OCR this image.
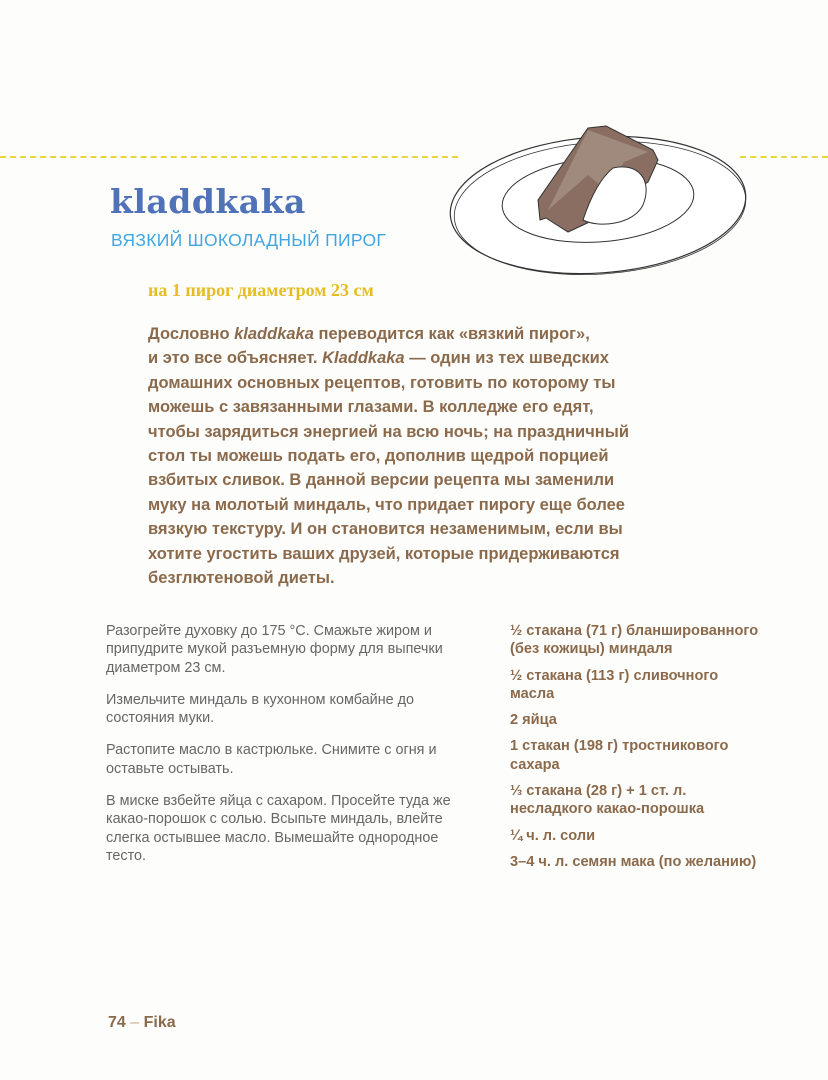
kladdkaka
ВЯЗКИЙ ШОКОЛАДНЫЙ ПИРОГ
на 1 пирог диаметром 23 см

Дословно kladdkaka переводится как «вязкий пирог»,

и это все объясняет. Kladdkaka — один из тех шведских

домашних основных рецептов, готовить по которому ты

можешь с завязанными глазами. В колледже его едят,

чтобы зарядиться энергией на всю ночь; на праздничный

стол ты можешь подать его, дополнив щедрой порцией

взбитых сливок. В данной версии рецепта мы заменили

муку на молотый миндаль, что придает пирогу еще более

вязкую текстуру. И он становится незаменимым, если вы

хотите угостить ваших друзей, которые придерживаются

безглютеновой диеты.

Разогрейте духовку до 175 °С. Смажьте жиром и припудрите мукой разъемную форму для выпечки диаметром 23 см.

Измельчите миндаль в кухонном комбайне до состояния муки.

Растопите масло в кастрюльке. Снимите с огня и оставьте остывать.

В миске взбейте яйца с сахаром. Просейте туда же какао-порошок с солью. Всыпьте миндаль, влейте слегка остывшее масло. Вымешайте однородное тесто.

½ стакана (71 г) бланшированного (без кожицы) миндаля

½ стакана (113 г) сливочного масла

2 яйца

1 стакан (198 г) тростникового сахара

⅓ стакана (28 г) + 1 ст. л. несладкого какао-порошка

¼ ч. л. соли

3–4 ч. л. семян мака (по желанию)

74 – Fika
